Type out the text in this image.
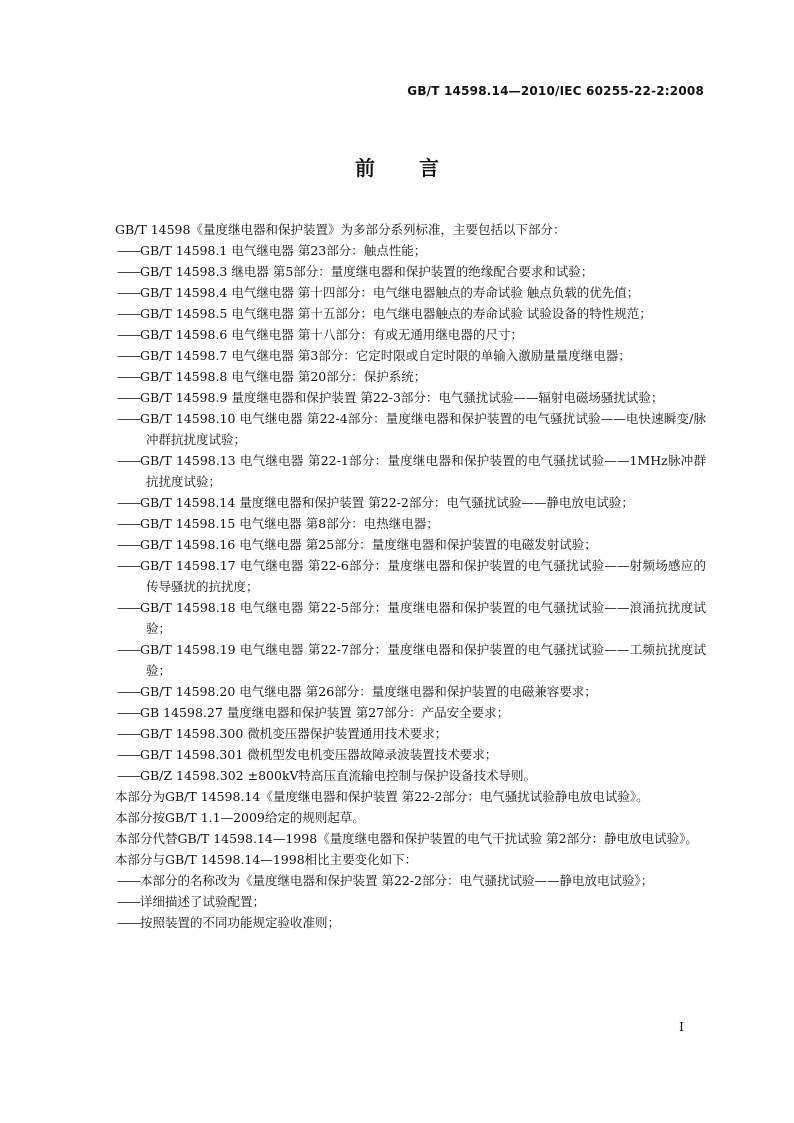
GB/T 14598.14—2010/IEC 60255-22-2:2008
前言

GB/T 14598《量度继电器和保护装置》为多部分系列标准，主要包括以下部分：

——GB/T 14598.1 电气继电器 第23部分：触点性能；
——GB/T 14598.3 继电器 第5部分：量度继电器和保护装置的绝缘配合要求和试验；
——GB/T 14598.4 电气继电器 第十四部分：电气继电器触点的寿命试验 触点负载的优先值；
——GB/T 14598.5 电气继电器 第十五部分：电气继电器触点的寿命试验 试验设备的特性规范；
——GB/T 14598.6 电气继电器 第十八部分：有或无通用继电器的尺寸；
——GB/T 14598.7 电气继电器 第3部分：它定时限或自定时限的单输入激励量量度继电器；
——GB/T 14598.8 电气继电器 第20部分：保护系统；
——GB/T 14598.9 量度继电器和保护装置 第22-3部分：电气骚扰试验——辐射电磁场骚扰试验；
——GB/T 14598.10 电气继电器 第22-4部分：量度继电器和保护装置的电气骚扰试验——电快速瞬变/脉冲群抗扰度试验；
——GB/T 14598.13 电气继电器 第22-1部分：量度继电器和保护装置的电气骚扰试验——1MHz脉冲群抗扰度试验；
——GB/T 14598.14 量度继电器和保护装置 第22-2部分：电气骚扰试验——静电放电试验；
——GB/T 14598.15 电气继电器 第8部分：电热继电器；
——GB/T 14598.16 电气继电器 第25部分：量度继电器和保护装置的电磁发射试验；
——GB/T 14598.17 电气继电器 第22-6部分：量度继电器和保护装置的电气骚扰试验——射频场感应的传导骚扰的抗扰度；
——GB/T 14598.18 电气继电器 第22-5部分：量度继电器和保护装置的电气骚扰试验——浪涌抗扰度试验；
——GB/T 14598.19 电气继电器 第22-7部分：量度继电器和保护装置的电气骚扰试验——工频抗扰度试验；
——GB/T 14598.20 电气继电器 第26部分：量度继电器和保护装置的电磁兼容要求；
——GB 14598.27 量度继电器和保护装置 第27部分：产品安全要求；
——GB/T 14598.300 微机变压器保护装置通用技术要求；
——GB/T 14598.301 微机型发电机变压器故障录波装置技术要求；
——GB/Z 14598.302 ±800kV特高压直流输电控制与保护设备技术导则。

本部分为GB/T 14598.14《量度继电器和保护装置 第22-2部分：电气骚扰试验静电放电试验》。

本部分按GB/T 1.1—2009给定的规则起草。

本部分代替GB/T 14598.14—1998《量度继电器和保护装置的电气干扰试验 第2部分：静电放电试验》。

本部分与GB/T 14598.14—1998相比主要变化如下：

——本部分的名称改为《量度继电器和保护装置 第22-2部分：电气骚扰试验——静电放电试验》；
——详细描述了试验配置；
——按照装置的不同功能规定验收准则；
I
